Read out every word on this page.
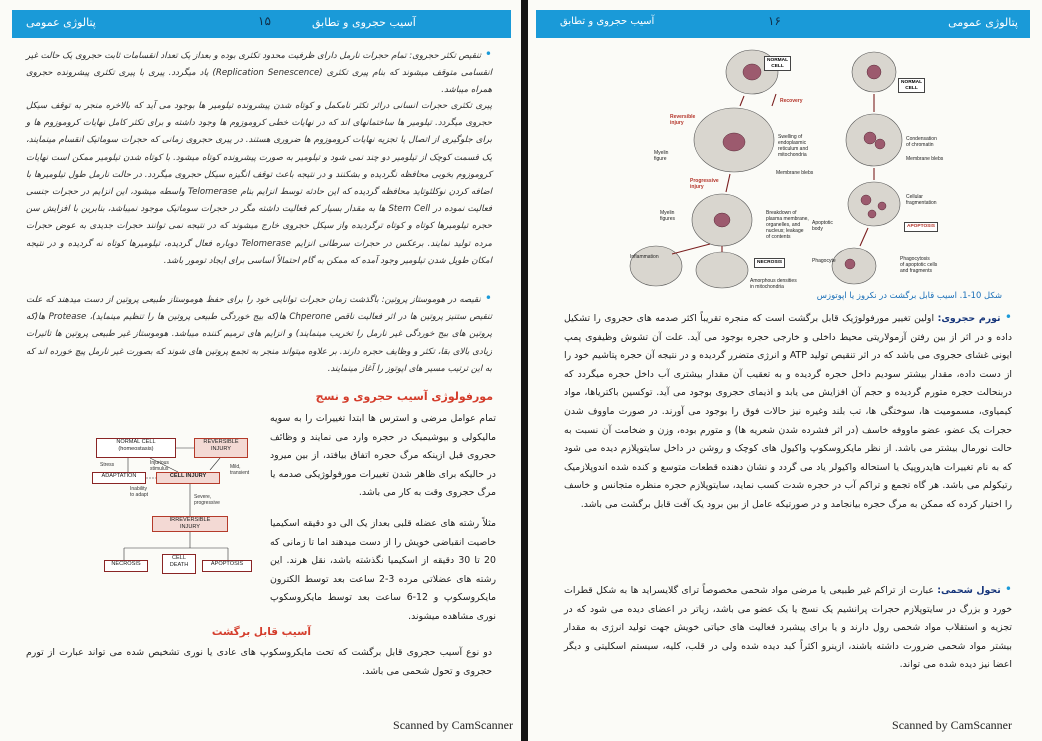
۱۵	آسیب حجروی و تطابق
پتالوژی عمومی
• تنقیص تکثر حجروی: تمام حجرات نارمل دارای ظرفیت محدود تکثری بوده و بعداز یک تعداد انقسامات ثابت حجروی یک حالت غیر انقسامی متوقف میشوند که بنام پیری تکثری (Replication Senescence) یاد میگردد. پیری با پیری تکثری پیشرونده حجروی همراه میباشد.
پیری تکثری حجرات انسانی درائر تکثر نامکمل و کوتاه شدن پیشرونده تیلومیر ها بوجود می آید که بالاخره منجر به توقف سیکل حجروی میگردد. تیلومیر ها ساختمانهای اند که در نهایات خطی کروموزوم ها وجود داشته و برای تکثر کامل نهایات کروموزوم ها و برای جلوگیری از اتصال یا تجزیه نهایات کروموزوم ها ضروری هستند. در پیری حجروی زمانی که حجرات سوماتیک انقسام مینمایند، یک قسمت کوچک از تیلومیر دو چند نمی شود و تیلومیر به صورت پیشرونده کوتاه میشود. با کوتاه شدن تیلومیر ممکن است نهایات کروموزوم بخوبی محافظه نگردیده و بشکنند و در نتیجه باعث توقف انگیزه سیکل حجروی میگردد. در حالت نارمل طول تیلومیرها با اضافه کردن نوکلئوتاید محافظه گردیده که این حادثه توسط انزایم بنام Telomerase واسطه میشود، این انزایم در حجرات جنسی فعالیت نموده در Stem Cell ها به مقدار بسیار کم فعالیت داشته مگر در حجرات سوماتیک موجود نمیباشد، بنابرین با افزایش سن حجره تیلومیرها کوتاه و کوتاه ترگردیده واز سیکل حجروی خارج میشوند که در نتیجه نمی توانند حجرات جدیدی به عوض حجرات مرده تولید نمایند. برعکس در حجرات سرطانی انزایم Telomerase دوباره فعال گردیده، تیلومیرها کوتاه نه گردیده و در نتیجه امکان طویل شدن تیلومیر وجود آمده که ممکن به گام احتمالاً اساسی برای ایجاد تومور باشد.
• نقیصه در هوموستاز پروتین: باگذشت زمان حجرات توانایی خود را برای حفظ هوموستاز طبیعی پروتین از دست میدهند که علت تنقیص ستنیز پروتین ها در اثر فعالیت ناقص Chperone ها(که بیج خوردگی طبیعی پروتین ها را تنظیم مینماید)، Protease ها(که پروتین های بیج خوردگی غیر نارمل را تخریب مینمایند) و انزایم های ترمیم کننده میباشد. هوموستاز غیر طبیعی پروتین ها تاثیرات زیادی بالای بقا، تکثر و وظایف حجره دارند. بر علاوه میتواند منجر به تجمع پروتین های شوند که بصورت غیر نارمل پیچ خورده اند که به این ترتیب مسیر های اپوتوز را آغاز مینمایند.
مورفولوژی آسیب حجروی و نسج
تمام عوامل مرضی و استرس ها ابتدا تغییرات را به سویه مالیکولی و بیوشیمیک در حجره وارد می نمایند و وظائف حجروی قبل ازینکه مرگ حجره اتفاق بیافتد، از بین میرود در حالیکه برای ظاهر شدن تغییرات مورفولوژیکی صدمه یا مرگ حجروی وقت به کار می باشد.
مثلاً رشته های عضله قلبی بعداز یک الی دو دقیقه اسکیمیا خاصیت انقباضی خویش را از دست میدهند اما تا زمانی که 20 تا 30 دقیقه از اسکیمیا نگذشته باشد، نقل هرند. این رشته های عضلاتی مرده 3-2 ساعت بعد توسط الکترون مایکروسکوپ و 12-6 ساعت بعد توسط مایکروسکوپ نوری مشاهده میشوند.
NORMAL CELL
(homeostasis)
REVERSIBLE
INJURY
Stress	Injurious
stimulus	Mild,
transient
ADAPTATION	CELL INJURY
Inability
to adapt	Severe,
progressive
IRREVERSIBLE
INJURY
NECROSIS
CELL
DEATH	APOPTOSIS
آسیب قابل برگشت
دو نوع آسیب حجروی قابل برگشت که تحت مایکروسکوپ های عادی یا نوری تشخیص شده می تواند عبارت از تورم حجروی و تحول شحمی می باشد.
Scanned by CamScanner
۱۶
آسیب حجروی و تطابق	پتالوژی عمومی
NORMAL
CELL
NORMAL
CELL
Reversible
injury
Recovery
Myelin
figure
Swelling of
endoplasmic
reticulum and
mitochondria
Membrane blebs
Progressive
injury
Myelin
figures
Breakdown of
plasma membrane,
organelles, and
nucleus; leakage
of contents
Inflammation
NECROSIS
Amorphous densities
in mitochondria
Condensation
of chromatin
Membrane blebs
Cellular
fragmentation
Apoptotic
body	APOPTOSIS
Phagocyte	Phagocytosis
of apoptotic cells
and fragments
شکل 10-1. اسیب قابل برگشت در نکروز یا اپوتوزس
• تورم حجروی: اولین تغییر مورفولوژیک قابل برگشت است که منجره تقریباً اکثر صدمه های حجروی را تشکیل داده و در اثر از بین رفتن آزمولاریتی محیط داخلی و خارجی حجره بوجود می آید. علت آن تشوش وظیفوی پمپ ایونی غشای حجروی می باشد که در اثر تنقیص تولید ATP و انرژی متضرر گردیده و در نتیجه آن حجره پتاشیم خود را از دست داده، مقدار بیشتر سودیم داخل حجره گردیده و به تعقیب آن مقدار بیشتری آب داخل حجره میگردد که دربنحالت حجره متورم گردیده و حجم آن افزایش می یابد و اذیمای حجروی بوجود می آید. توکسین باکتریاها، مواد کیمیاوی، مسمومیت ها، سوختگی ها، تب بلند وغیره نیز حالات فوق را بوجود می آورند. در صورت ماووف شدن حجرات یک عضو، عضو ماووفه خاسف (در اثر فشرده شدن شعریه ها) و متورم بوده، وزن و ضخامت آن نسبت به حالت نورمال بیشتر می باشد. از نظر مایکروسکوپ واکیول های کوچک و روشن در داخل سایتوپلازم دیده می شود که به نام تغییرات هایدروپیک یا استحاله واکیولر یاد می گردد و نشان دهنده قطعات متوسع و کنده شده اندوپلازمیک رتیکولم می باشد. هر گاه تجمع و تراکم آب در حجره شدت کسب نماید، سایتوپلازم حجره منظره متجانس و خاسف را اختیار کرده که ممکن به مرگ حجره بیانجامد و در صورتیکه عامل از بین برود یک آفت قابل برگشت می باشد.
• تحول شحمی: عبارت از تراکم غیر طبیعی یا مرضی مواد شحمی مخصوصاً ترای گلایسراید ها به شکل قطرات خورد و بزرگ در سایتوپلازم حجرات پرانشیم یک نسج یا یک عضو می باشد، زیاتر در اعضای دیده می شود که در تجزیه و استقلاب مواد شحمی رول دارند و یا برای پیشبرد فعالیت های حیاتی خویش جهت تولید انرژی به مقدار بیشتر مواد شحمی ضرورت داشته باشند، ازینرو اکثراً کبد دیده شده ولی در قلب، کلیه، سیستم اسکلیتی و دیگر اعضا نیز دیده شده می تواند.
Scanned by CamScanner
